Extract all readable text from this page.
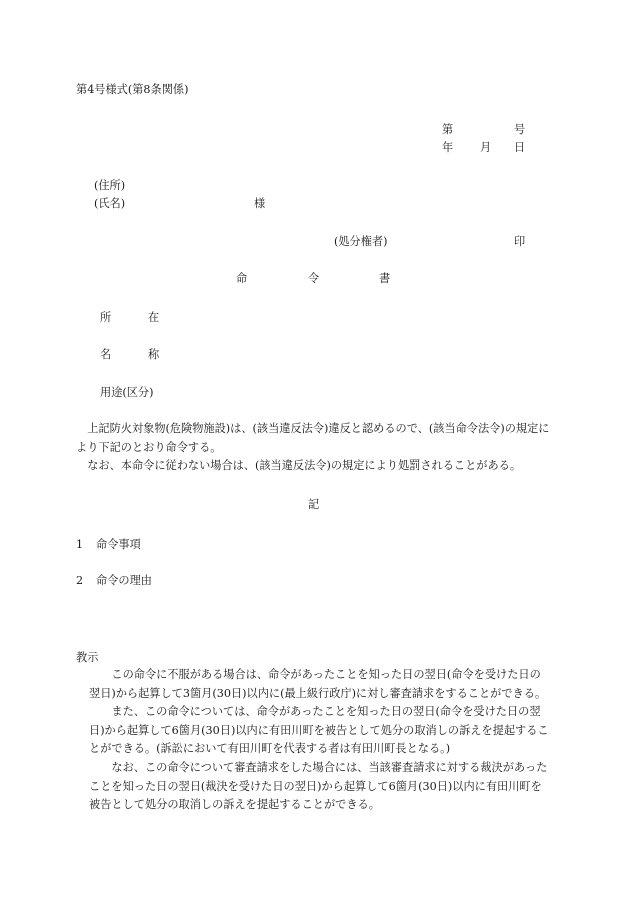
第4号様式(第8条関係)
第	号
年 月 日
(住所)
(氏名)	様
(処分権者)	印
命	令	書
所	在
名	称
用途(区分)

上記防火対象物(危険物施設)は、(該当違反法令)違反と認めるので、(該当命令法令)の規定により下記のとおり命令する。

なお、本命令に従わない場合は、(該当違反法令)の規定により処罰されることがある。

記
1 命令事項
2 命令の理由
教示

この命令に不服がある場合は、命令があったことを知った日の翌日(命令を受けた日の翌日)から起算して3箇月(30日)以内に(最上級行政庁)に対し審査請求をすることができる。

また、この命令については、命令があったことを知った日の翌日(命令を受けた日の翌日)から起算して6箇月(30日)以内に有田川町を被告として処分の取消しの訴えを提起することができる。(訴訟において有田川町を代表する者は有田川町長となる。)

なお、この命令について審査請求をした場合には、当該審査請求に対する裁決があったことを知った日の翌日(裁決を受けた日の翌日)から起算して6箇月(30日)以内に有田川町を被告として処分の取消しの訴えを提起することができる。
